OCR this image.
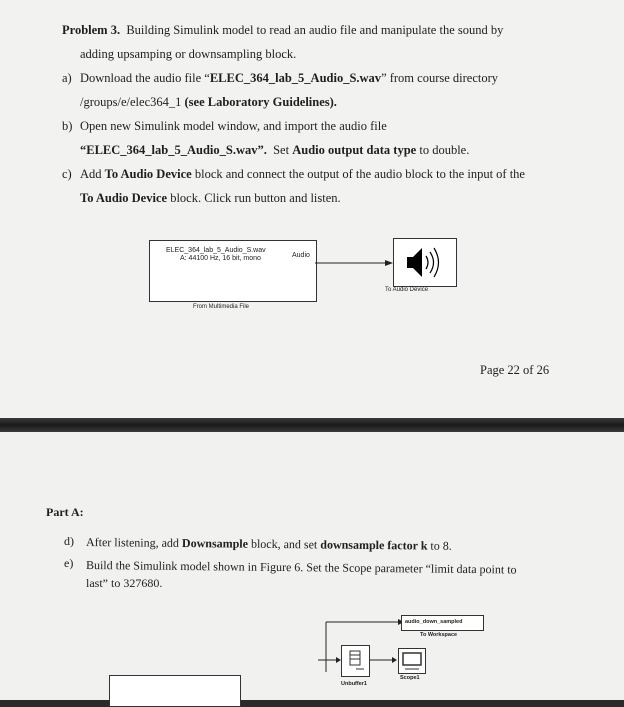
Problem 3. Building Simulink model to read an audio file and manipulate the sound by
adding upsamping or downsampling block.
a) Download the audio file “ELEC_364_lab_5_Audio_S.wav” from course directory
/groups/e/elec364_1 (see Laboratory Guidelines).
b) Open new Simulink model window, and import the audio file
“ELEC_364_lab_5_Audio_S.wav”. Set Audio output data type to double.
c) Add To Audio Device block and connect the output of the audio block to the input of the
To Audio Device block. Click run button and listen.
ELEC_364_lab_5_Audio_S.wav
A: 44100 Hz, 16 bit, mono	Audio
From Multimedia File
To Audio Device
Page 22 of 26
Part A:
d) After listening, add Downsample block, and set downsample factor k to 8.
e) Build the Simulink model shown in Figure 6. Set the Scope parameter “limit data point to
last” to 327680.
audio_down_sampled
To Workspace
Unbuffer1
Scope1
